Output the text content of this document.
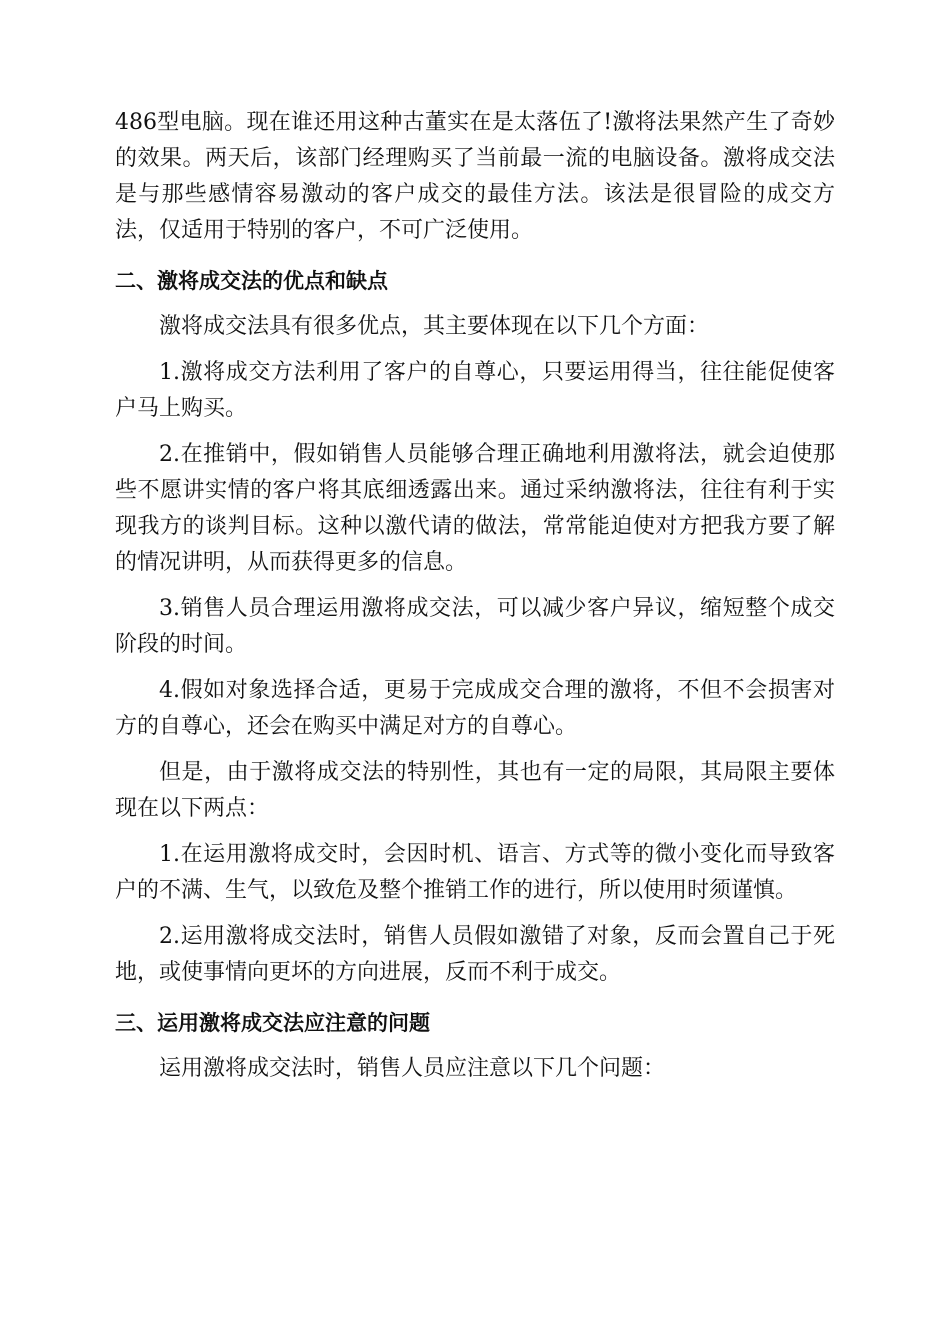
486型电脑。现在谁还用这种古董实在是太落伍了!激将法果然产生了奇妙的效果。两天后，该部门经理购买了当前最一流的电脑设备。激将成交法是与那些感情容易激动的客户成交的最佳方法。该法是很冒险的成交方法，仅适用于特别的客户，不可广泛使用。

二、激将成交法的优点和缺点

激将成交法具有很多优点，其主要体现在以下几个方面：

1.激将成交方法利用了客户的自尊心，只要运用得当，往往能促使客户马上购买。

2.在推销中，假如销售人员能够合理正确地利用激将法，就会迫使那些不愿讲实情的客户将其底细透露出来。通过采纳激将法，往往有利于实现我方的谈判目标。这种以激代请的做法，常常能迫使对方把我方要了解的情况讲明，从而获得更多的信息。

3.销售人员合理运用激将成交法，可以减少客户异议，缩短整个成交阶段的时间。

4.假如对象选择合适，更易于完成成交合理的激将，不但不会损害对方的自尊心，还会在购买中满足对方的自尊心。

但是，由于激将成交法的特别性，其也有一定的局限，其局限主要体现在以下两点：

1.在运用激将成交时，会因时机、语言、方式等的微小变化而导致客户的不满、生气，以致危及整个推销工作的进行，所以使用时须谨慎。

2.运用激将成交法时，销售人员假如激错了对象，反而会置自己于死地，或使事情向更坏的方向进展，反而不利于成交。

三、运用激将成交法应注意的问题

运用激将成交法时，销售人员应注意以下几个问题：
